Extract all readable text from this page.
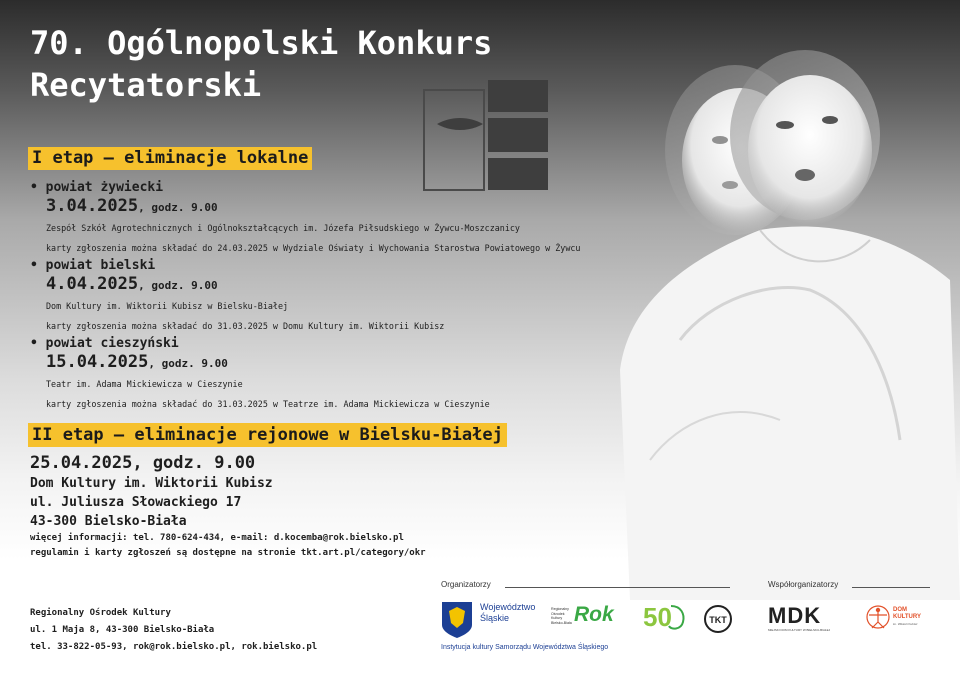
70. Ogólnopolski Konkurs
Recytatorski
I etap – eliminacje lokalne
• powiat żywiecki
3.04.2025, godz. 9.00
Zespół Szkół Agrotechnicznych i Ogólnokształcących im. Józefa Piłsudskiego w Żywcu-Moszczanicy
karty zgłoszenia można składać do 24.03.2025 w Wydziale Oświaty i Wychowania Starostwa Powiatowego w Żywcu
• powiat bielski
4.04.2025, godz. 9.00
Dom Kultury im. Wiktorii Kubisz w Bielsku-Białej
karty zgłoszenia można składać do 31.03.2025 w Domu Kultury im. Wiktorii Kubisz
• powiat cieszyński
15.04.2025, godz. 9.00
Teatr im. Adama Mickiewicza w Cieszynie
karty zgłoszenia można składać do 31.03.2025 w Teatrze im. Adama Mickiewicza w Cieszynie
II etap – eliminacje rejonowe w Bielsku-Białej
25.04.2025, godz. 9.00
Dom Kultury im. Wiktorii Kubisz
ul. Juliusza Słowackiego 17
43-300 Bielsko-Biała
więcej informacji: tel. 780-624-434, e-mail: d.kocemba@rok.bielsko.pl
regulamin i karty zgłoszeń są dostępne na stronie tkt.art.pl/category/okr
Regionalny Ośrodek Kultury
ul. 1 Maja 8, 43-300 Bielsko-Biała
tel. 33-822-05-93, rok@rok.bielsko.pl, rok.bielsko.pl
Organizatorzy
Województwo
Śląskie
Regionalny
Ośrodek
Kultury
Bielsko-Biała Rok 50	TKT
Instytucja kultury Samorządu Województwa Śląskiego
Współorganizatorzy
MDK
MIEJSKI DOM KULTURY W BIELSKU-BIAŁEJ
DOM
KULTURY
im. Wiktorii Kubisz
